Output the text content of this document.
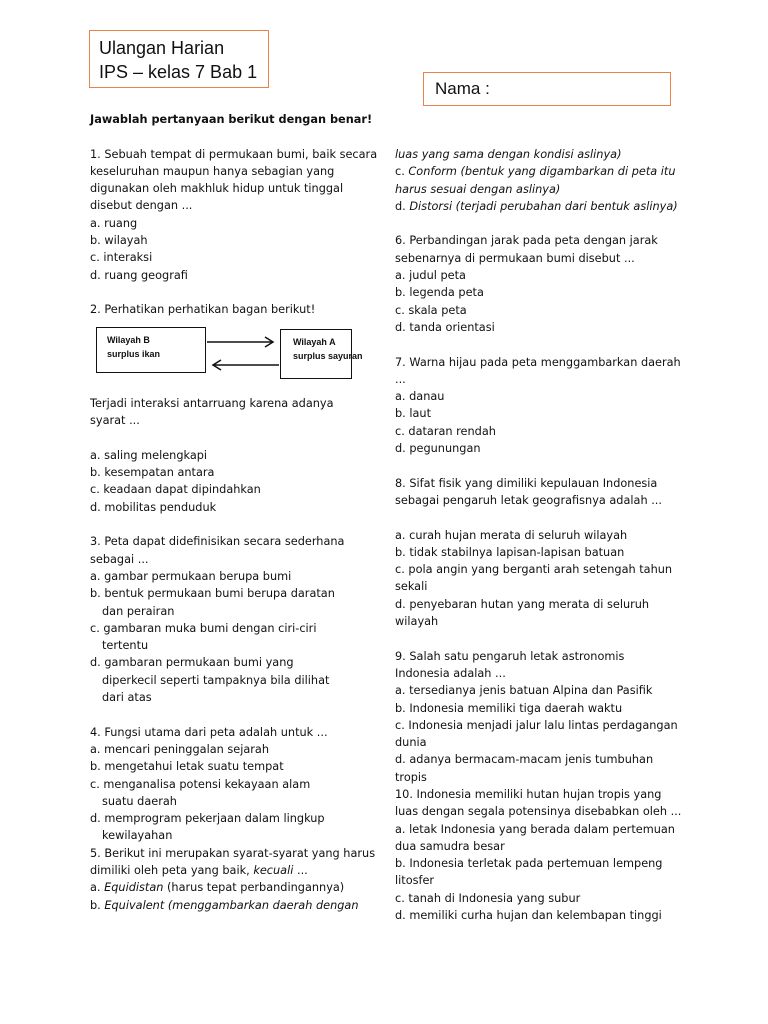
Ulangan Harian
IPS – kelas 7 Bab 1
Nama :
Jawablah pertanyaan berikut dengan benar!
1. Sebuah tempat di permukaan bumi, baik secara
keseluruhan maupun hanya sebagian yang
digunakan oleh makhluk hidup untuk tinggal
disebut dengan ...
a. ruang
b. wilayah
c. interaksi
d. ruang geografi
2. Perhatikan perhatikan bagan berikut!
Wilayah B
surplus ikan
Wilayah A
surplus sayuran
Terjadi interaksi antarruang karena adanya
syarat ...
a. saling melengkapi
b. kesempatan antara
c. keadaan dapat dipindahkan
d. mobilitas penduduk
3. Peta dapat didefinisikan secara sederhana
sebagai ...
a. gambar permukaan berupa bumi
b. bentuk permukaan bumi berupa daratan
dan perairan
c. gambaran muka bumi dengan ciri-ciri
tertentu
d. gambaran permukaan bumi yang
diperkecil seperti tampaknya bila dilihat
dari atas
4. Fungsi utama dari peta adalah untuk ...
a. mencari peninggalan sejarah
b. mengetahui letak suatu tempat
c. menganalisa potensi kekayaan alam
suatu daerah
d. memprogram pekerjaan dalam lingkup
kewilayahan
5. Berikut ini merupakan syarat-syarat yang harus
dimiliki oleh peta yang baik, kecuali ...
a. Equidistan (harus tepat perbandingannya)
b. Equivalent (menggambarkan daerah dengan
luas yang sama dengan kondisi aslinya)
c. Conform (bentuk yang digambarkan di peta itu
harus sesuai dengan aslinya)
d. Distorsi (terjadi perubahan dari bentuk aslinya)
6. Perbandingan jarak pada peta dengan jarak
sebenarnya di permukaan bumi disebut ...
a. judul peta
b. legenda peta
c. skala peta
d. tanda orientasi
7. Warna hijau pada peta menggambarkan daerah
...
a. danau
b. laut
c. dataran rendah
d. pegunungan
8. Sifat fisik yang dimiliki kepulauan Indonesia
sebagai pengaruh letak geografisnya adalah ...
a. curah hujan merata di seluruh wilayah
b. tidak stabilnya lapisan-lapisan batuan
c. pola angin yang berganti arah setengah tahun
sekali
d. penyebaran hutan yang merata di seluruh
wilayah
9. Salah satu pengaruh letak astronomis
Indonesia adalah ...
a. tersedianya jenis batuan Alpina dan Pasifik
b. Indonesia memiliki tiga daerah waktu
c. Indonesia menjadi jalur lalu lintas perdagangan
dunia
d. adanya bermacam-macam jenis tumbuhan
tropis
10. Indonesia memiliki hutan hujan tropis yang
luas dengan segala potensinya disebabkan oleh ...
a. letak Indonesia yang berada dalam pertemuan
dua samudra besar
b. Indonesia terletak pada pertemuan lempeng
litosfer
c. tanah di Indonesia yang subur
d. memiliki curha hujan dan kelembapan tinggi
